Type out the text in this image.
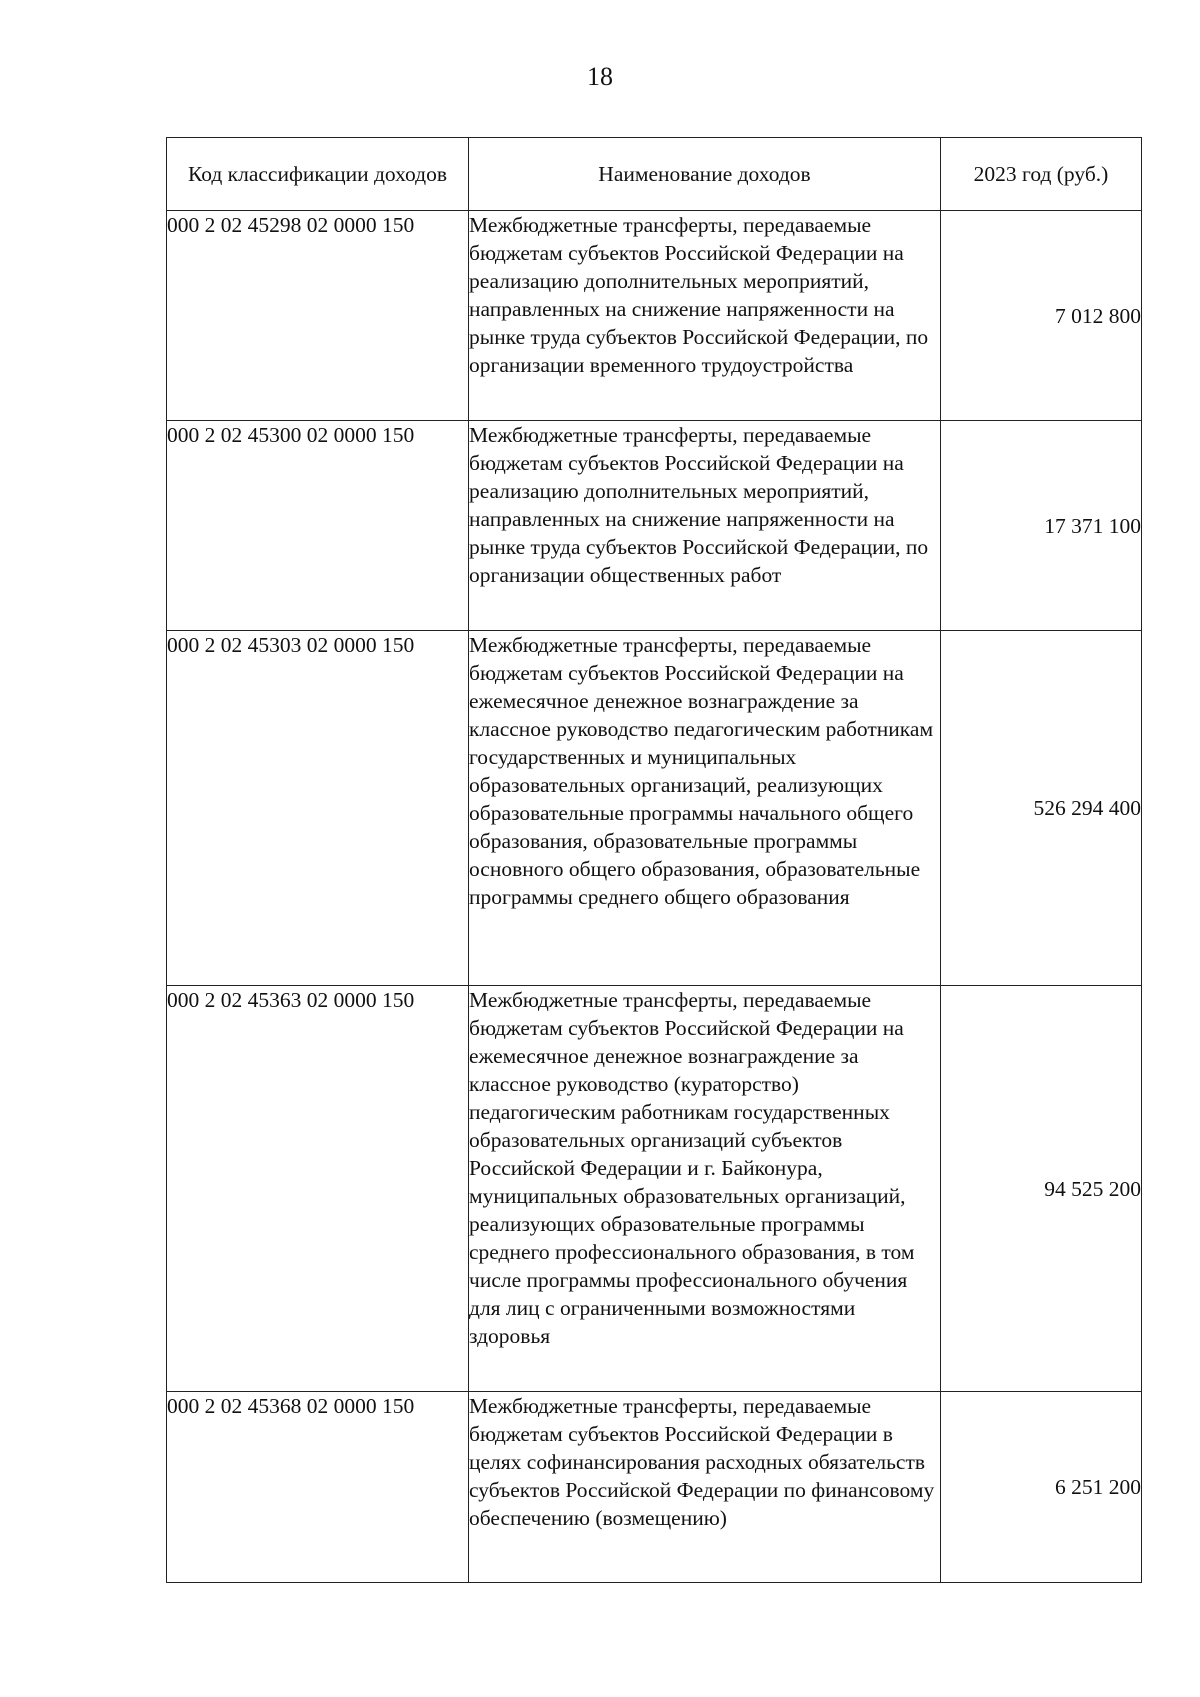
18
Код классификации доходов	Наименование доходов	2023 год (руб.)
000 2 02 45298 02 0000 150	Межбюджетные трансферты, передаваемые бюджетам субъектов Российской Федерации на реализацию дополнительных мероприятий, направленных на снижение напряженности на рынке труда субъектов Российской Федерации, по организации временного трудоустройства	7 012 800
000 2 02 45300 02 0000 150	Межбюджетные трансферты, передаваемые бюджетам субъектов Российской Федерации на реализацию дополнительных мероприятий, направленных на снижение напряженности на рынке труда субъектов Российской Федерации, по организации общественных работ	17 371 100
000 2 02 45303 02 0000 150	Межбюджетные трансферты, передаваемые бюджетам субъектов Российской Федерации на ежемесячное денежное вознаграждение за классное руководство педагогическим работникам государственных и муниципальных образовательных организаций, реализующих образовательные программы начального общего образования, образовательные программы основного общего образования, образовательные программы среднего общего образования	526 294 400
000 2 02 45363 02 0000 150	Межбюджетные трансферты, передаваемые бюджетам субъектов Российской Федерации на ежемесячное денежное вознаграждение за классное руководство (кураторство) педагогическим работникам государственных образовательных организаций субъектов Российской Федерации и г. Байконура, муниципальных образовательных организаций, реализующих образовательные программы среднего профессионального образования, в том числе программы профессионального обучения для лиц с ограниченными возможностями здоровья	94 525 200
000 2 02 45368 02 0000 150	Межбюджетные трансферты, передаваемые бюджетам субъектов Российской Федерации в целях софинансирования расходных обязательств субъектов Российской Федерации по финансовому обеспечению (возмещению)	6 251 200
